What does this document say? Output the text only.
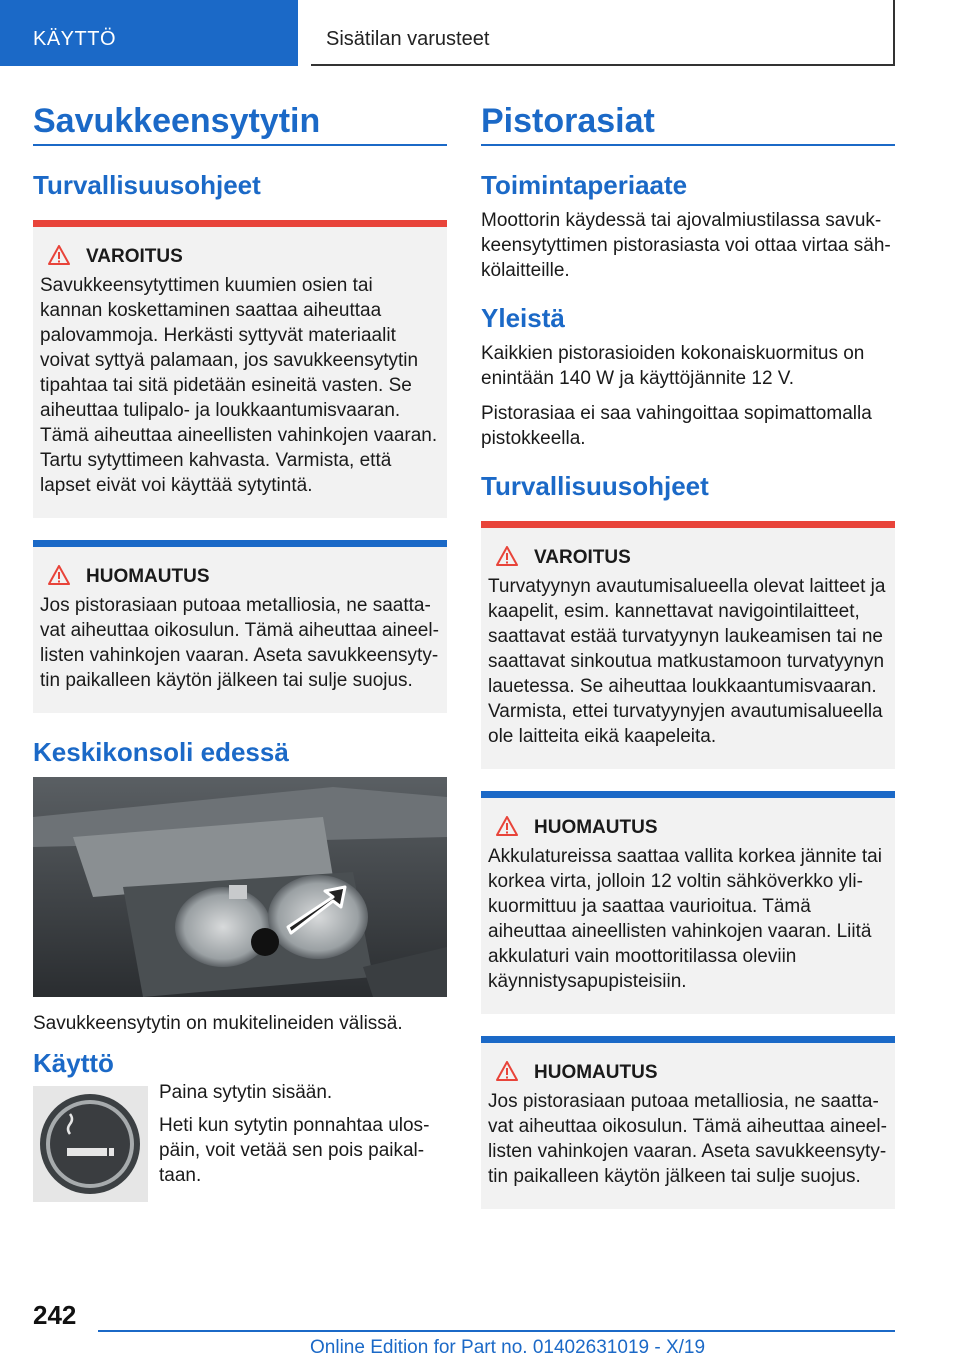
KÄYTTÖ	Sisätilan varusteet
Savukkeensytytin
Turvallisuusohjeet
VAROITUS
Savukkeensytyttimen kuumien osien tai kannan koskettaminen saattaa aiheuttaa palovammoja. Herkästi syttyvät materiaalit voivat syttyä palamaan, jos savukkeensytytin tipahtaa tai sitä pidetään esineitä vasten. Se aiheuttaa tulipalo- ja loukkaantumisvaaran. Tämä aiheuttaa aineellisten vahinkojen vaaran. Tartu sytyttimeen kahvasta. Varmista, että lapset eivät voi käyttää sytytintä.
HUOMAUTUS
Jos pistorasiaan putoaa metalliosia, ne saattavat aiheuttaa oikosulun. Tämä aiheuttaa aineellisten vahinkojen vaaran. Aseta savukkeensytytin paikalleen käytön jälkeen tai sulje suojus.
Keskikonsoli edessä

Savukkeensytytin on mukitelineiden välissä.

Käyttö

Paina sytytin sisään.

Heti kun sytytin ponnahtaa ulospäin, voit vetää sen pois paikaltaan.

Pistorasiat
Toimintaperiaate

Moottorin käydessä tai ajovalmiustilassa savukkeensytyttimen pistorasiasta voi ottaa virtaa sähkölaitteille.

Yleistä

Kaikkien pistorasioiden kokonaiskuormitus on enintään 140 W ja käyttöjännite 12 V.

Pistorasiaa ei saa vahingoittaa sopimattomalla pistokkeella.

Turvallisuusohjeet
VAROITUS
Turvatyynyn avautumisalueella olevat laitteet ja kaapelit, esim. kannettavat navigointilaitteet, saattavat estää turvatyynyn laukeamisen tai ne saattavat sinkoutua matkustamoon turvatyynyn lauetessa. Se aiheuttaa loukkaantumisvaaran. Varmista, ettei turvatyynyjen avautumisalueella ole laitteita eikä kaapeleita.
HUOMAUTUS
Akkulatureissa saattaa vallita korkea jännite tai korkea virta, jolloin 12 voltin sähköverkko ylikuormittuu ja saattaa vaurioitua. Tämä aiheuttaa aineellisten vahinkojen vaaran. Liitä akkulaturi vain moottoritilassa oleviin käynnistysapupisteisiin.
HUOMAUTUS
Jos pistorasiaan putoaa metalliosia, ne saattavat aiheuttaa oikosulun. Tämä aiheuttaa aineellisten vahinkojen vaaran. Aseta savukkeensytytin paikalleen käytön jälkeen tai sulje suojus.
242
Online Edition for Part no. 01402631019 - X/19
